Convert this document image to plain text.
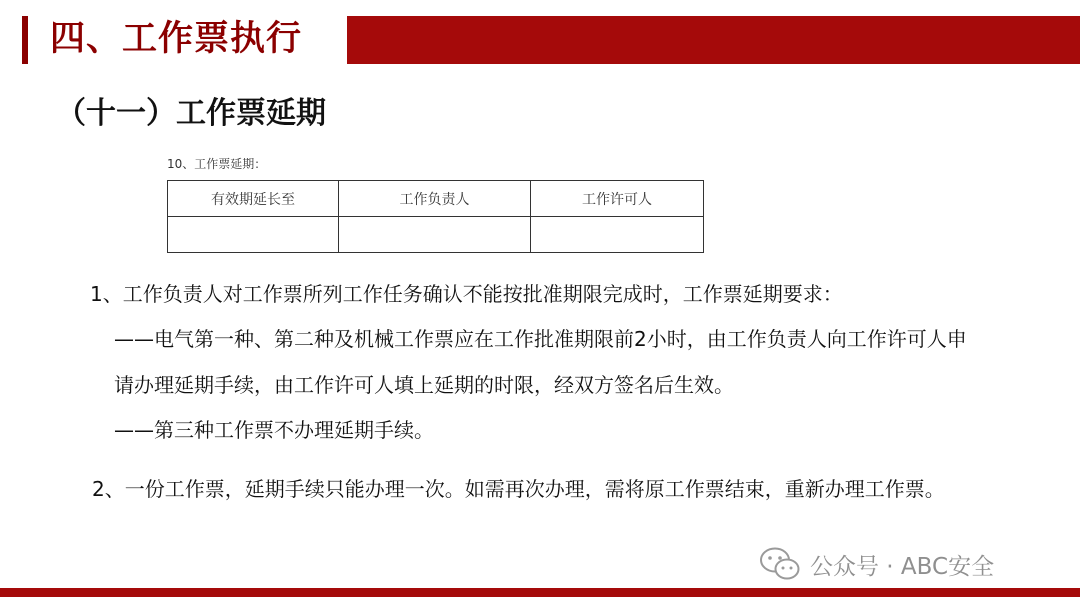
四、工作票执行
（十一）工作票延期
10、工作票延期：
有效期延长至	工作负责人	工作许可人

1、工作负责人对工作票所列工作任务确认不能按批准期限完成时，工作票延期要求：

——电气第一种、第二种及机械工作票应在工作批准期限前2小时，由工作负责人向工作许可人申请办理延期手续，由工作许可人填上延期的时限，经双方签名后生效。

——第三种工作票不办理延期手续。

2、一份工作票，延期手续只能办理一次。如需再次办理，需将原工作票结束，重新办理工作票。

公众号 · ABC安全
